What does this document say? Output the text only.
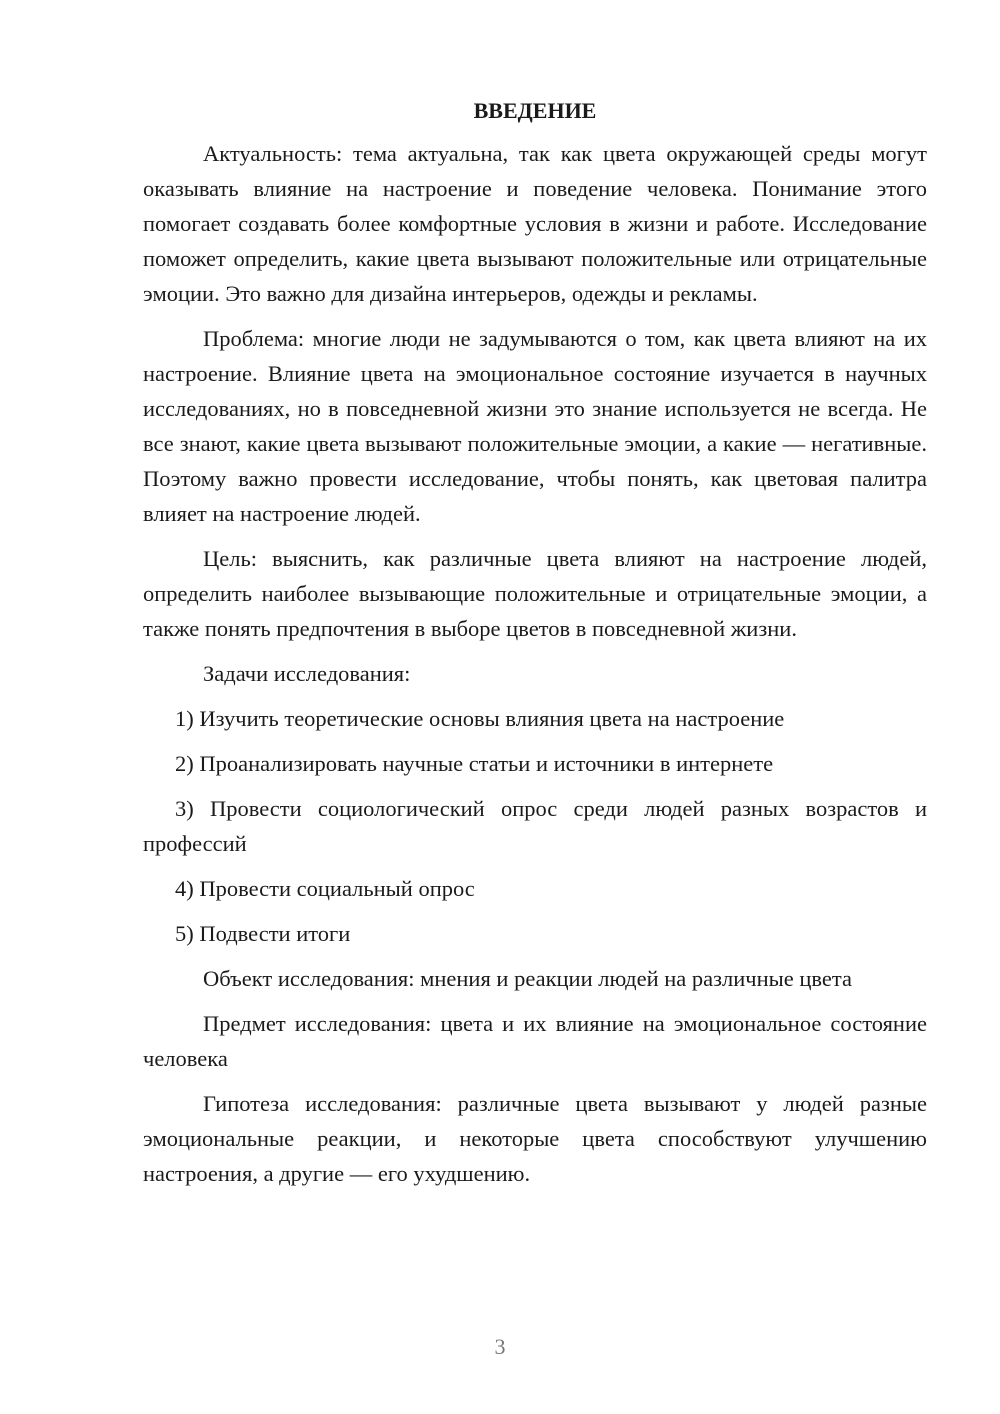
ВВЕДЕНИЕ

Актуальность: тема актуальна, так как цвета окружающей среды могут оказывать влияние на настроение и поведение человека. Понимание этого помогает создавать более комфортные условия в жизни и работе. Исследование поможет определить, какие цвета вызывают положительные или отрицательные эмоции. Это важно для дизайна интерьеров, одежды и рекламы.

Проблема: многие люди не задумываются о том, как цвета влияют на их настроение. Влияние цвета на эмоциональное состояние изучается в научных исследованиях, но в повседневной жизни это знание используется не всегда. Не все знают, какие цвета вызывают положительные эмоции, а какие — негативные. Поэтому важно провести исследование, чтобы понять, как цветовая палитра влияет на настроение людей.

Цель: выяснить, как различные цвета влияют на настроение людей, определить наиболее вызывающие положительные и отрицательные эмоции, а также понять предпочтения в выборе цветов в повседневной жизни.

Задачи исследования:

1) Изучить теоретические основы влияния цвета на настроение

2) Проанализировать научные статьи и источники в интернете

3) Провести социологический опрос среди людей разных возрастов и профессий

4) Провести социальный опрос

5) Подвести итоги

Объект исследования: мнения и реакции людей на различные цвета

Предмет исследования: цвета и их влияние на эмоциональное состояние человека

Гипотеза исследования: различные цвета вызывают у людей разные эмоциональные реакции, и некоторые цвета способствуют улучшению настроения, а другие — его ухудшению.

3
